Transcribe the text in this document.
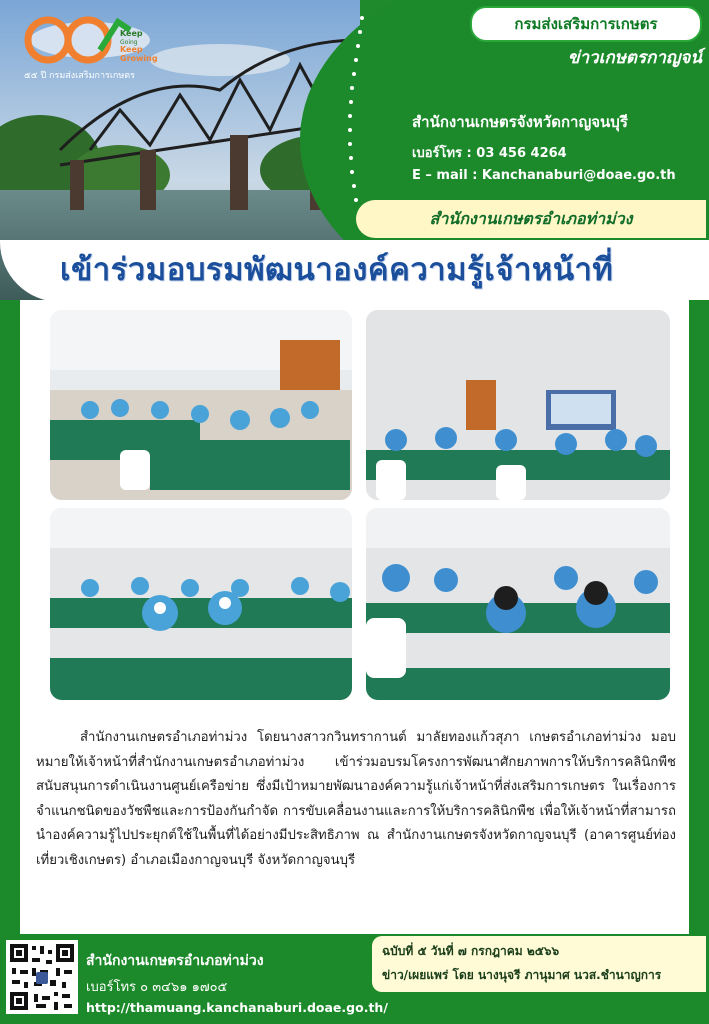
Keep
Going
Keep
Growing
๕๕ ปี กรมส่งเสริมการเกษตร
กรมส่งเสริมการเกษตร
ข่าวเกษตรกาญจน์
สำนักงานเกษตรจังหวัดกาญจนบุรี
เบอร์โทร : 03 456 4264
E – mail : Kanchanaburi@doae.go.th
สำนักงานเกษตรอำเภอท่าม่วง
เข้าร่วมอบรมพัฒนาองค์ความรู้เจ้าหน้าที่
สำนักงานเกษตรอำเภอท่าม่วง โดยนางสาวกวินทรากานต์ มาลัยทองแก้วสุภา เกษตรอำเภอท่าม่วง มอบหมายให้เจ้าหน้าที่สำนักงานเกษตรอำเภอท่าม่วง เข้าร่วมอบรมโครงการพัฒนาศักยภาพการให้บริการคลินิกพืชสนับสนุนการดำเนินงานศูนย์เครือข่าย ซึ่งมีเป้าหมายพัฒนาองค์ความรู้แก่เจ้าหน้าที่ส่งเสริมการเกษตร ในเรื่องการจำแนกชนิดของวัชพืชและการป้องกันกำจัด การขับเคลื่อนงานและการให้บริการคลินิกพืช เพื่อให้เจ้าหน้าที่สามารถนำองค์ความรู้ไปประยุกต์ใช้ในพื้นที่ได้อย่างมีประสิทธิภาพ ณ สำนักงานเกษตรจังหวัดกาญจนบุรี (อาคารศูนย์ท่องเที่ยวเชิงเกษตร) อำเภอเมืองกาญจนบุรี จังหวัดกาญจนบุรี
สำนักงานเกษตรอำเภอท่าม่วง
เบอร์โทร ๐ ๓๔๖๑ ๑๗๐๕
http://thamuang.kanchanaburi.doae.go.th/
ฉบับที่ ๕ วันที่ ๗ กรกฎาคม ๒๕๖๖
ข่าว/เผยแพร่ โดย นางนุจรี ภานุมาศ นวส.ชำนาญการ
